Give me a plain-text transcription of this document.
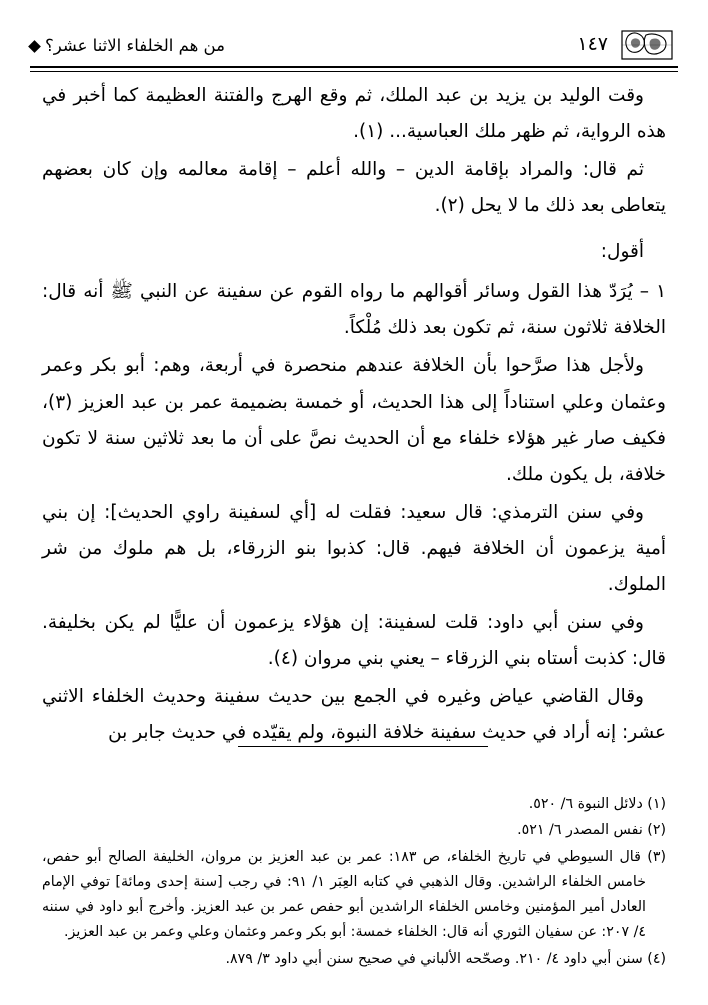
١٤٧
من هم الخلفاء الاثنا عشر؟

وقت الوليد بن يزيد بن عبد الملك، ثم وقع الهرج والفتنة العظيمة كما أخبر في هذه الرواية، ثم ظهر ملك العباسية... (١).

ثم قال: والمراد بإقامة الدين – والله أعلم – إقامة معالمه وإن كان بعضهم يتعاطى بعد ذلك ما لا يحل (٢).

أقول:

١ – يُرَدّ هذا القول وسائر أقوالهم ما رواه القوم عن سفينة عن النبي ﷺ أنه قال: الخلافة ثلاثون سنة، ثم تكون بعد ذلك مُلْكاً.

ولأجل هذا صرَّحوا بأن الخلافة عندهم منحصرة في أربعة، وهم: أبو بكر وعمر وعثمان وعلي استناداً إلى هذا الحديث، أو خمسة بضميمة عمر بن عبد العزيز (٣)، فكيف صار غير هؤلاء خلفاء مع أن الحديث نصَّ على أن ما بعد ثلاثين سنة لا تكون خلافة، بل يكون ملك.

وفي سنن الترمذي: قال سعيد: فقلت له [أي لسفينة راوي الحديث]: إن بني أمية يزعمون أن الخلافة فيهم. قال: كذبوا بنو الزرقاء، بل هم ملوك من شر الملوك.

وفي سنن أبي داود: قلت لسفينة: إن هؤلاء يزعمون أن عليًّا لم يكن بخليفة. قال: كذبت أستاه بني الزرقاء – يعني بني مروان (٤).

وقال القاضي عياض وغيره في الجمع بين حديث سفينة وحديث الخلفاء الاثني عشر: إنه أراد في حديث سفينة خلافة النبوة، ولم يقيّده في حديث جابر بن

(١) دلائل النبوة ٦/ ٥٢٠.

(٢) نفس المصدر ٦/ ٥٢١.

(٣) قال السيوطي في تاريخ الخلفاء، ص ١٨٣: عمر بن عبد العزيز بن مروان، الخليفة الصالح أبو حفص، خامس الخلفاء الراشدين. وقال الذهبي في كتابه العِبَر ١/ ٩١: في رجب [سنة إحدى ومائة] توفي الإمام العادل أمير المؤمنين وخامس الخلفاء الراشدين أبو حفص عمر بن عبد العزيز. وأخرج أبو داود في سننه ٤/ ٢٠٧: عن سفيان الثوري أنه قال: الخلفاء خمسة: أبو بكر وعمر وعثمان وعلي وعمر بن عبد العزيز.

(٤) سنن أبي داود ٤/ ٢١٠. وصحّحه الألباني في صحيح سنن أبي داود ٣/ ٨٧٩.
